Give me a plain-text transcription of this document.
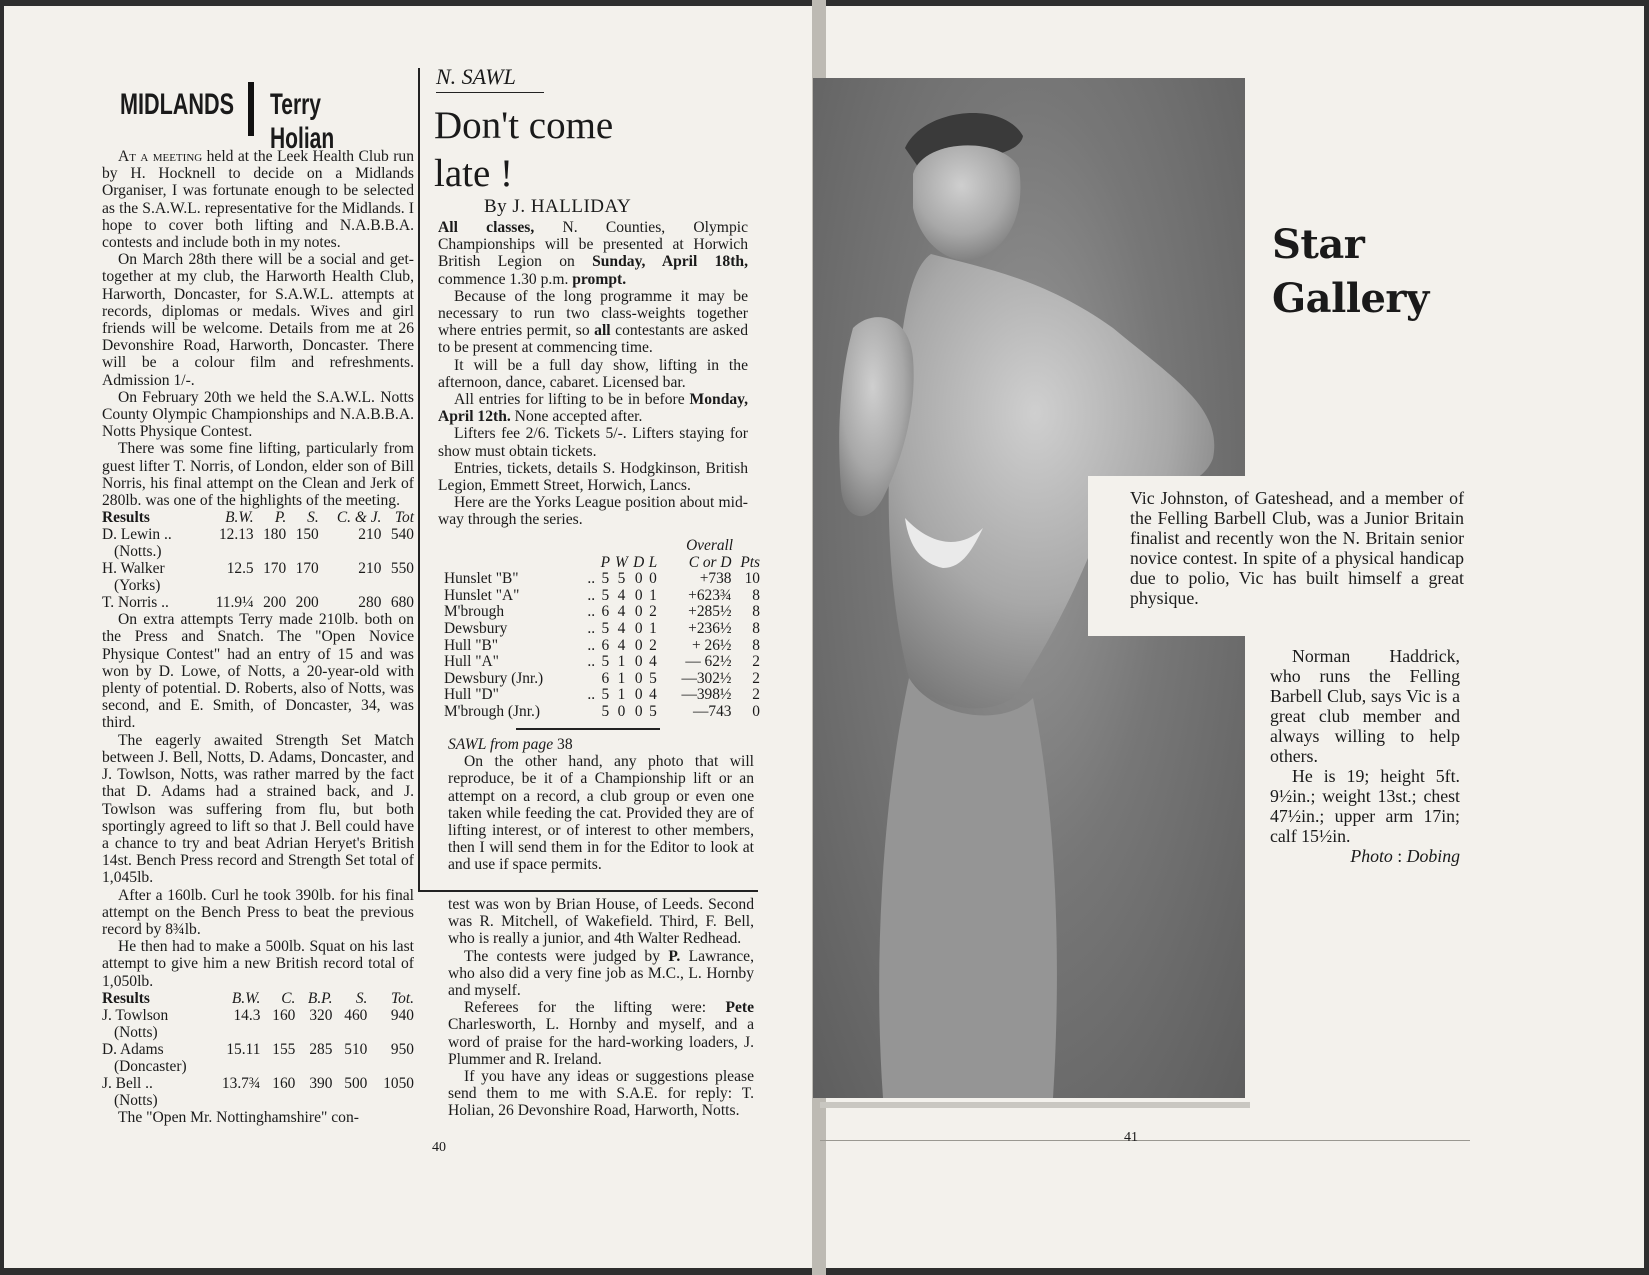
MIDLANDS Terry Holian

At a meeting held at the Leek Health Club run by H. Hocknell to decide on a Midlands Organiser, I was fortunate enough to be selected as the S.A.W.L. representative for the Midlands. I hope to cover both lifting and N.A.B.B.A. contests and include both in my notes.

On March 28th there will be a social and get-together at my club, the Harworth Health Club, Harworth, Doncaster, for S.A.W.L. attempts at records, diplomas or medals. Wives and girl friends will be welcome. Details from me at 26 Devonshire Road, Harworth, Doncaster. There will be a colour film and refreshments. Admission 1/-.

On February 20th we held the S.A.W.L. Notts County Olympic Championships and N.A.B.B.A. Notts Physique Contest.

There was some fine lifting, particularly from guest lifter T. Norris, of London, elder son of Bill Norris, his final attempt on the Clean and Jerk of 280lb. was one of the highlights of the meeting.

Results	B.W.	P.	S.	C. & J.	Tot
D. Lewin ..	12.13	180	150	210	540
(Notts.)					
H. Walker	12.5	170	170	210	550
(Yorks)					
T. Norris ..	11.9¼	200	200	280	680

On extra attempts Terry made 210lb. both on the Press and Snatch. The "Open Novice Physique Contest" had an entry of 15 and was won by D. Lowe, of Notts, a 20-year-old with plenty of potential. D. Roberts, also of Notts, was second, and E. Smith, of Doncaster, 34, was third.

The eagerly awaited Strength Set Match between J. Bell, Notts, D. Adams, Doncaster, and J. Towlson, Notts, was rather marred by the fact that D. Adams had a strained back, and J. Towlson was suffering from flu, but both sportingly agreed to lift so that J. Bell could have a chance to try and beat Adrian Heryet's British 14st. Bench Press record and Strength Set total of 1,045lb.

After a 160lb. Curl he took 390lb. for his final attempt on the Bench Press to beat the previous record by 8¾lb.

He then had to make a 500lb. Squat on his last attempt to give him a new British record total of 1,050lb.

Results	B.W.	C.	B.P.	S.	Tot.
J. Towlson	14.3	160	320	460	940
(Notts)					
D. Adams	15.11	155	285	510	950
(Doncaster)					
J. Bell ..	13.7¾	160	390	500	1050
(Notts)					

The "Open Mr. Nottinghamshire" con-

N. SAWL
Don't come
late !
By J. HALLIDAY

All classes, N. Counties, Olympic Championships will be presented at Horwich British Legion on Sunday, April 18th, commence 1.30 p.m. prompt.

Because of the long programme it may be necessary to run two class-weights together where entries permit, so all contestants are asked to be present at commencing time.

It will be a full day show, lifting in the afternoon, dance, cabaret. Licensed bar.

All entries for lifting to be in before Monday, April 12th. None accepted after.

Lifters fee 2/6. Tickets 5/-. Lifters staying for show must obtain tickets.

Entries, tickets, details S. Hodgkinson, British Legion, Emmett Street, Horwich, Lancs.

Here are the Yorks League position about mid-way through the series.

						Overall	
		P	W	D	L	C or D	Pts
Hunslet "B"	..	5	5	0	0	+738	10
Hunslet "A"	..	5	4	0	1	+623¾	8
M'brough	..	6	4	0	2	+285½	8
Dewsbury	..	5	4	0	1	+236½	8
Hull "B"	..	6	4	0	2	+ 26½	8
Hull "A"	..	5	1	0	4	— 62½	2
Dewsbury (Jnr.)		6	1	0	5	—302½	2
Hull "D"	..	5	1	0	4	—398½	2
M'brough (Jnr.)		5	0	0	5	—743	0

SAWL from page 38

On the other hand, any photo that will reproduce, be it of a Championship lift or an attempt on a record, a club group or even one taken while feeding the cat. Provided they are of lifting interest, or of interest to other members, then I will send them in for the Editor to look at and use if space permits.

test was won by Brian House, of Leeds. Second was R. Mitchell, of Wakefield. Third, F. Bell, who is really a junior, and 4th Walter Redhead.

The contests were judged by P. Lawrance, who also did a very fine job as M.C., L. Hornby and myself.

Referees for the lifting were: Pete Charlesworth, L. Hornby and myself, and a word of praise for the hard-working loaders, J. Plummer and R. Ireland.

If you have any ideas or suggestions please send them to me with S.A.E. for reply: T. Holian, 26 Devonshire Road, Harworth, Notts.

40
Star
Gallery

Vic Johnston, of Gateshead, and a member of the Felling Barbell Club, was a Junior Britain finalist and recently won the N. Britain senior novice contest. In spite of a physical handicap due to polio, Vic has built himself a great physique.

Norman Haddrick, who runs the Felling Barbell Club, says Vic is a great club member and always willing to help others.

He is 19; height 5ft. 9½in.; weight 13st.; chest 47½in.; upper arm 17in; calf 15½in.

Photo : Dobing

41
